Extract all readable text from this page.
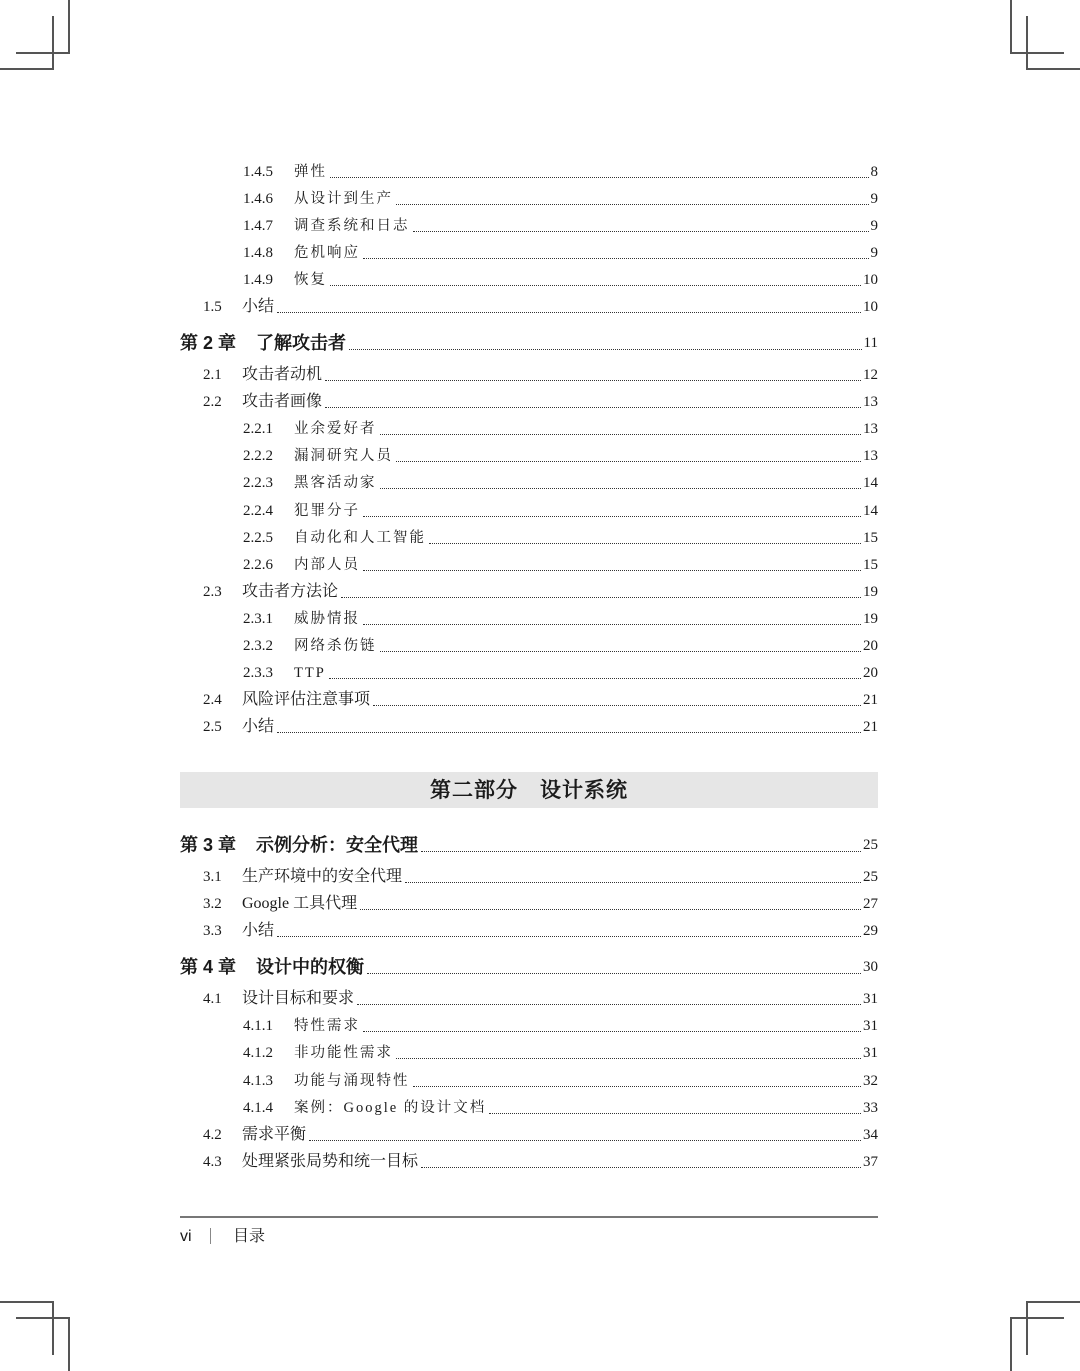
1.4.5 弹性	8
1.4.6 从设计到生产	9
1.4.7 调查系统和日志	9
1.4.8 危机响应	9
1.4.9 恢复	10
1.5 小结	10
第 2 章 了解攻击者	11
2.1 攻击者动机	12
2.2 攻击者画像	13
2.2.1 业余爱好者	13
2.2.2 漏洞研究人员	13
2.2.3 黑客活动家	14
2.2.4 犯罪分子	14
2.2.5 自动化和人工智能	15
2.2.6 内部人员	15
2.3 攻击者方法论	19
2.3.1 威胁情报	19
2.3.2 网络杀伤链	20
2.3.3 TTP	20
2.4 风险评估注意事项	21
2.5 小结	21
第 3 章 示例分析：安全代理	25
3.1 生产环境中的安全代理	25
3.2 Google 工具代理	27
3.3 小结	29
第 4 章 设计中的权衡	30
4.1 设计目标和要求	31
4.1.1 特性需求	31
4.1.2 非功能性需求	31
4.1.3 功能与涌现特性	32
4.1.4 案例：Google 的设计文档	33
4.2 需求平衡	34
4.3 处理紧张局势和统一目标	37
第二部分　设计系统
vi	目录
